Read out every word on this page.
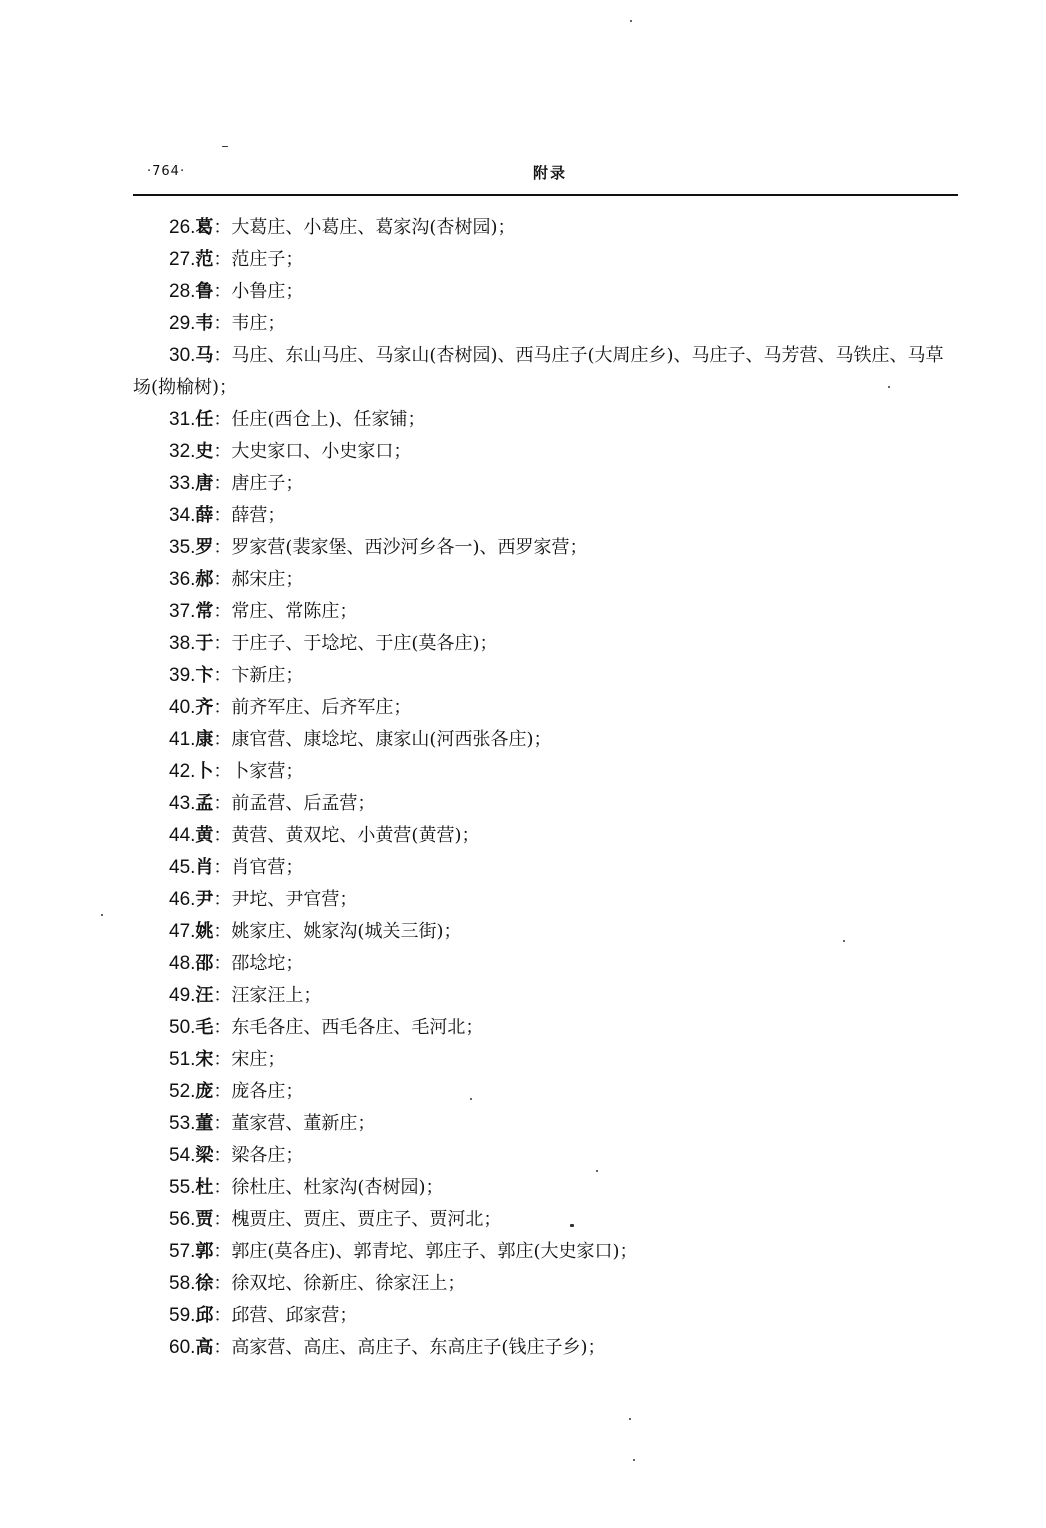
·764·	附录

26.葛：大葛庄、小葛庄、葛家沟(杏树园)；

27.范：范庄子；

28.鲁：小鲁庄；

29.韦：韦庄；

30.马：马庄、东山马庄、马家山(杏树园)、西马庄子(大周庄乡)、马庄子、马芳营、马铁庄、马草场(拗榆树)；

31.任：任庄(西仓上)、任家铺；

32.史：大史家口、小史家口；

33.唐：唐庄子；

34.薛：薛营；

35.罗：罗家营(裴家堡、西沙河乡各一)、西罗家营；

36.郝：郝宋庄；

37.常：常庄、常陈庄；

38.于：于庄子、于埝坨、于庄(莫各庄)；

39.卞：卞新庄；

40.齐：前齐军庄、后齐军庄；

41.康：康官营、康埝坨、康家山(河西张各庄)；

42.卜：卜家营；

43.孟：前孟营、后孟营；

44.黄：黄营、黄双坨、小黄营(黄营)；

45.肖：肖官营；

46.尹：尹坨、尹官营；

47.姚：姚家庄、姚家沟(城关三街)；

48.邵：邵埝坨；

49.汪：汪家汪上；

50.毛：东毛各庄、西毛各庄、毛河北；

51.宋：宋庄；

52.庞：庞各庄；

53.董：董家营、董新庄；

54.梁：梁各庄；

55.杜：徐杜庄、杜家沟(杏树园)；

56.贾：槐贾庄、贾庄、贾庄子、贾河北；

57.郭：郭庄(莫各庄)、郭青坨、郭庄子、郭庄(大史家口)；

58.徐：徐双坨、徐新庄、徐家汪上；

59.邱：邱营、邱家营；

60.高：高家营、高庄、高庄子、东高庄子(钱庄子乡)；
